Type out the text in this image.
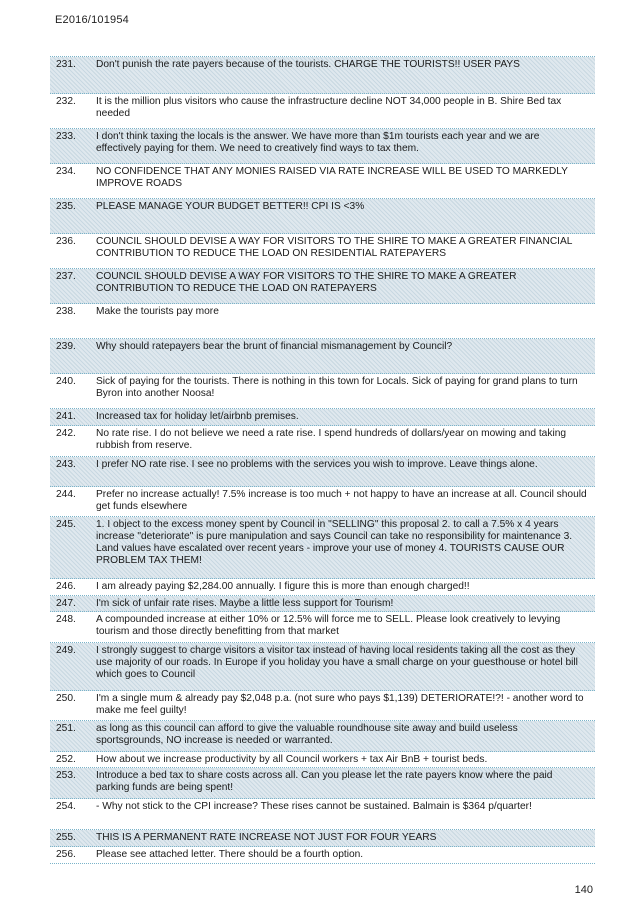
E2016/101954
231.	Don't punish the rate payers because of the tourists. CHARGE THE TOURISTS!! USER PAYS
232.	It is the million plus visitors who cause the infrastructure decline NOT 34,000 people in B. Shire Bed tax needed
233.	I don't think taxing the locals is the answer. We have more than $1m tourists each year and we are effectively paying for them. We need to creatively find ways to tax them.
234.	NO CONFIDENCE THAT ANY MONIES RAISED VIA RATE INCREASE WILL BE USED TO MARKEDLY IMPROVE ROADS
235.	PLEASE MANAGE YOUR BUDGET BETTER!! CPI IS <3%
236.	COUNCIL SHOULD DEVISE A WAY FOR VISITORS TO THE SHIRE TO MAKE A GREATER FINANCIAL CONTRIBUTION TO REDUCE THE LOAD ON RESIDENTIAL RATEPAYERS
237.	COUNCIL SHOULD DEVISE A WAY FOR VISITORS TO THE SHIRE TO MAKE A GREATER CONTRIBUTION TO REDUCE THE LOAD ON RATEPAYERS
238.	Make the tourists pay more
239.	Why should ratepayers bear the brunt of financial mismanagement by Council?
240.	Sick of paying for the tourists. There is nothing in this town for Locals. Sick of paying for grand plans to turn Byron into another Noosa!
241.	Increased tax for holiday let/airbnb premises.
242.	No rate rise. I do not believe we need a rate rise. I spend hundreds of dollars/year on mowing and taking rubbish from reserve.
243.	I prefer NO rate rise. I see no problems with the services you wish to improve. Leave things alone.
244.	Prefer no increase actually! 7.5% increase is too much + not happy to have an increase at all. Council should get funds elsewhere
245.	1. I object to the excess money spent by Council in "SELLING" this proposal 2. to call a 7.5% x 4 years increase "deteriorate" is pure manipulation and says Council can take no responsibility for maintenance 3. Land values have escalated over recent years - improve your use of money 4. TOURISTS CAUSE OUR PROBLEM TAX THEM!
246.	I am already paying $2,284.00 annually. I figure this is more than enough charged!!
247.	I'm sick of unfair rate rises. Maybe a little less support for Tourism!
248.	A compounded increase at either 10% or 12.5% will force me to SELL. Please look creatively to levying tourism and those directly benefitting from that market
249.	I strongly suggest to charge visitors a visitor tax instead of having local residents taking all the cost as they use majority of our roads. In Europe if you holiday you have a small charge on your guesthouse or hotel bill which goes to Council
250.	I'm a single mum & already pay $2,048 p.a. (not sure who pays $1,139) DETERIORATE!?! - another word to make me feel guilty!
251.	as long as this council can afford to give the valuable roundhouse site away and build useless sportsgrounds, NO increase is needed or warranted.
252.	How about we increase productivity by all Council workers + tax Air BnB + tourist beds.
253.	Introduce a bed tax to share costs across all. Can you please let the rate payers know where the paid parking funds are being spent!
254.	- Why not stick to the CPI increase? These rises cannot be sustained. Balmain is $364 p/quarter!
255.	THIS IS A PERMANENT RATE INCREASE NOT JUST FOR FOUR YEARS
256.	Please see attached letter. There should be a fourth option.
140
